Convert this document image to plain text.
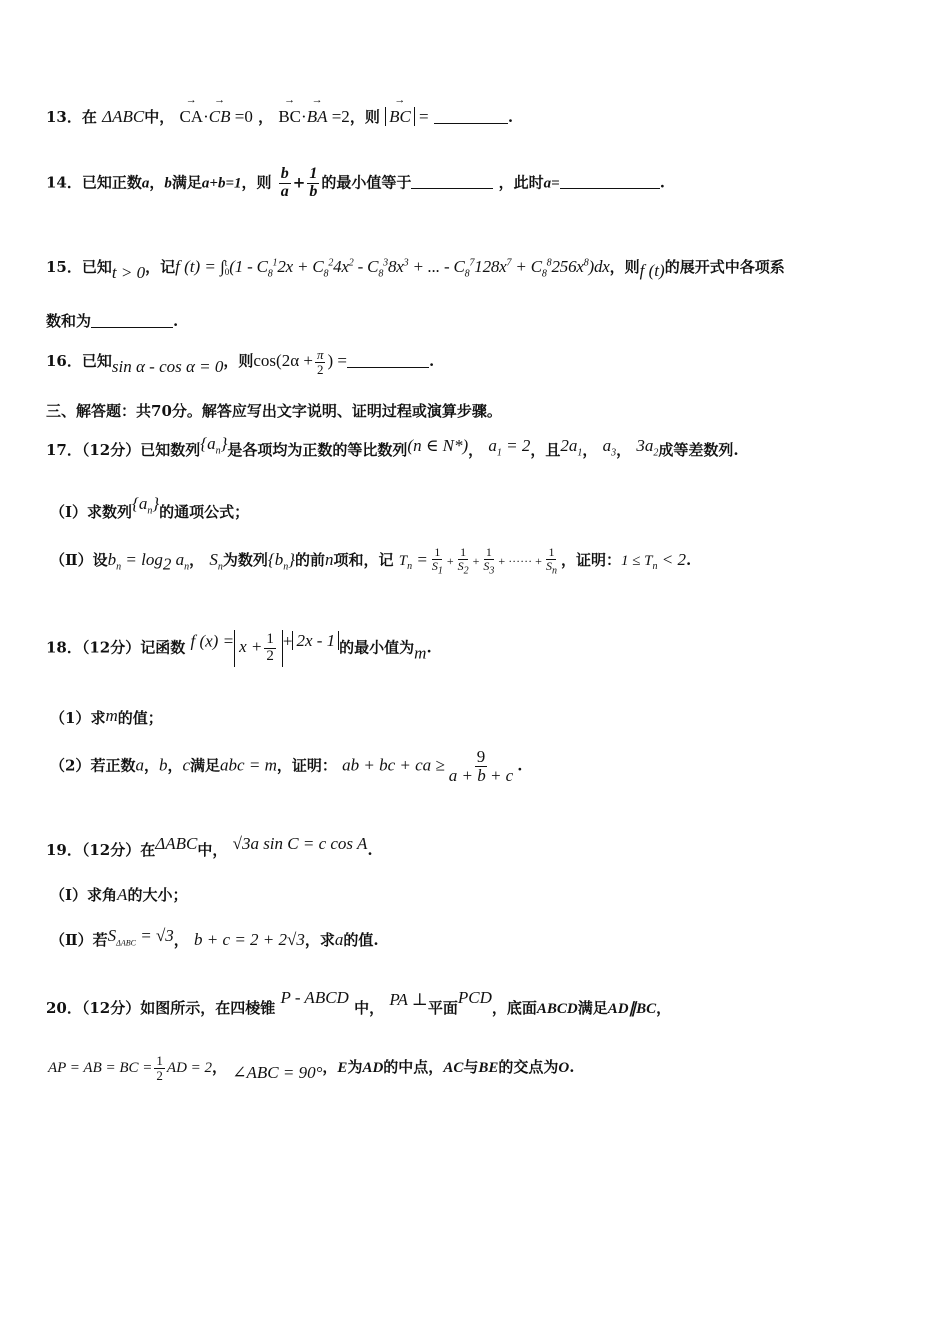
13．在 ΔABC中， → CA·→ CB =0 ， → BC·→ BA =2，则 → BC =	.
14．已知正数a，b满足a+b=1，则 $\frac{b}{a} + \frac{1}{b}$ 的最小值等于	，此时a=	.
15．已知t > 0，记f (t) = ∫ t
0 ($1 - C_8^12x + C_8^24x^2 - C_8^38x^3$ + ... - $C_8^7128x^7 + C_8^8256x^8)dx$，则f (t)的展开式中各项系
数和为	.
16．已知sin α - cos α = 0，则$\cos(2\alpha + \frac{\pi}{2}$ ) =	.
三、解答题：共70分。解答应写出文字说明、证明过程或演算步骤。
17．（12分）已知数列$\{a_n\}$是各项均为正数的等比数列(n ∈ N*)， $a_1 = 2$，且$2a_1$， $a_3$， $3a_2$成等差数列.
（Ⅰ）求数列$\{a_n\}$的通项公式；
（Ⅱ）设$b_n = \log_2 a_n$， $S_n$为数列$\{b_n\}$的前n项和，记 $T_n = \frac{1}{S_1} + \frac{1}{S_2} + \frac{1}{S_3}$ + ······ + $\frac{1}{S_n}$ ，证明：$1 \le T_n < 2$.
18．（12分）记函数 f $(x) = x + \frac{1}{2} + 2x - 1$ 的最小值为m.
（1）求m的值；
（2）若正数a，b，c满足abc = m，证明： ab + bc + ca ≥ $\frac{9}{a + b + c}$ .
19．（12分）在ΔABC中， √3a sin C = c cos A.
（Ⅰ）求角A的大小；
（Ⅱ）若$S_{\Delta ABC} = √3$， b + c = 2 + 2√3，求a的值.
20．（12分）如图所示，在四棱锥 P - ABCD 中， PA ⊥平面PCD，底面ABCD满足AD∥BC，
AP = AB = BC = $\frac{1}{2}$ AD = 2， ∠ABC = 90°，E为AD的中点，AC与BE的交点为O.
